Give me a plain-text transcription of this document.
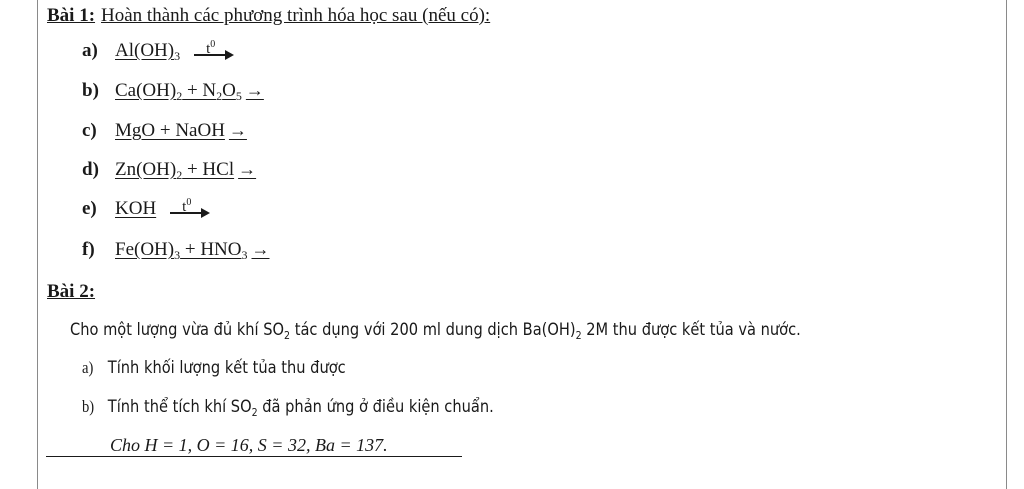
Bài 1: Hoàn thành các phương trình hóa học sau (nếu có):
a) $Al(OH)_3$ $t^0$
b) $Ca(OH)_2 + N_2O_5$ →
c) MgO + NaOH →
d) $Zn(OH)_2$ + HCl →
e) KOH $t^0$
f) $Fe(OH)_3 + HNO_3$ →
Bài 2:
Cho một lượng vừa đủ khí $SO_2$ tác dụng với 200 ml dung dịch $Ba(OH)_2$ 2M thu được kết tủa và nước.
a) Tính khối lượng kết tủa thu được
b) Tính thể tích khí $SO_2$ đã phản ứng ở điều kiện chuẩn.
Cho H = 1, O = 16, S = 32, Ba = 137.
